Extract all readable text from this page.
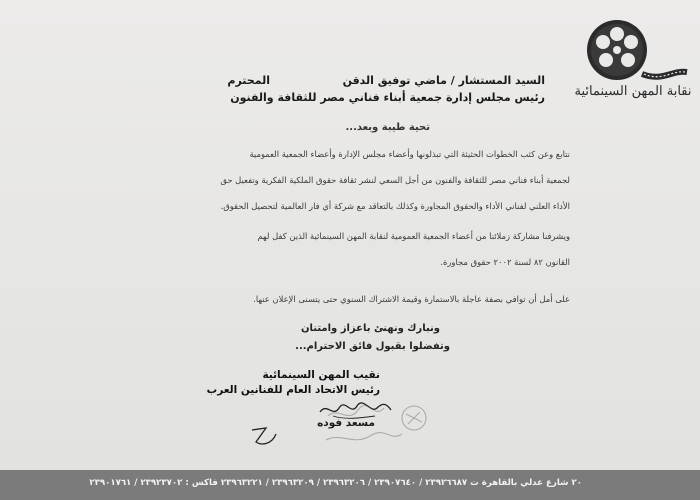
نقابة المهن السينمائية
السيد المستشار / ماضي توفيق الدقن
المحترم
رئيس مجلس إدارة جمعية أبناء فناني مصر للثقافة والفنون
تحية طيبة وبعد...
نتابع وعن كثب الخطوات الحثيثة التي تبذلونها وأعضاء مجلس الإدارة وأعضاء الجمعية العمومية
لجمعية أبناء فناني مصر للثقافة والفنون من أجل السعي لنشر ثقافة حقوق الملكية الفكرية وتفعيل حق
الأداء العلني لفناني الأداء والحقوق المجاورة وكذلك بالتعاقد مع شركة أي فار العالمية لتحصيل الحقوق.
ويشرفنا مشاركة زملائنا من أعضاء الجمعية العمومية لنقابة المهن السينمائية الذين كفل لهم
القانون ٨٢ لسنة ٢٠٠٢ حقوق مجاورة.
على أمل أن توافي بصفة عاجلة بالاستمارة وقيمة الاشتراك السنوي حتى يتسنى الإعلان عنها.
ونبارك ونهنئ باعزاز وامتنان
وتفضلوا بقبول فائق الاحترام...
نقيب المهن السينمائية
رئيس الاتحاد العام للفنانين العرب
مسعد فوده
٢٠ شارع عدلي بالقاهرة ت ٢٣٩٢٦٦٨٧ / ٢٣٩٠٧٦٤٠ / ٢٣٩٦٣٢٠٦ / ٢٣٩٦٣٢٠٩ / ٢٣٩٦٣٢٢١ فاكس : ٢٣٩٢٣٧٠٢ / ٢٣٩٠١٧٦١
